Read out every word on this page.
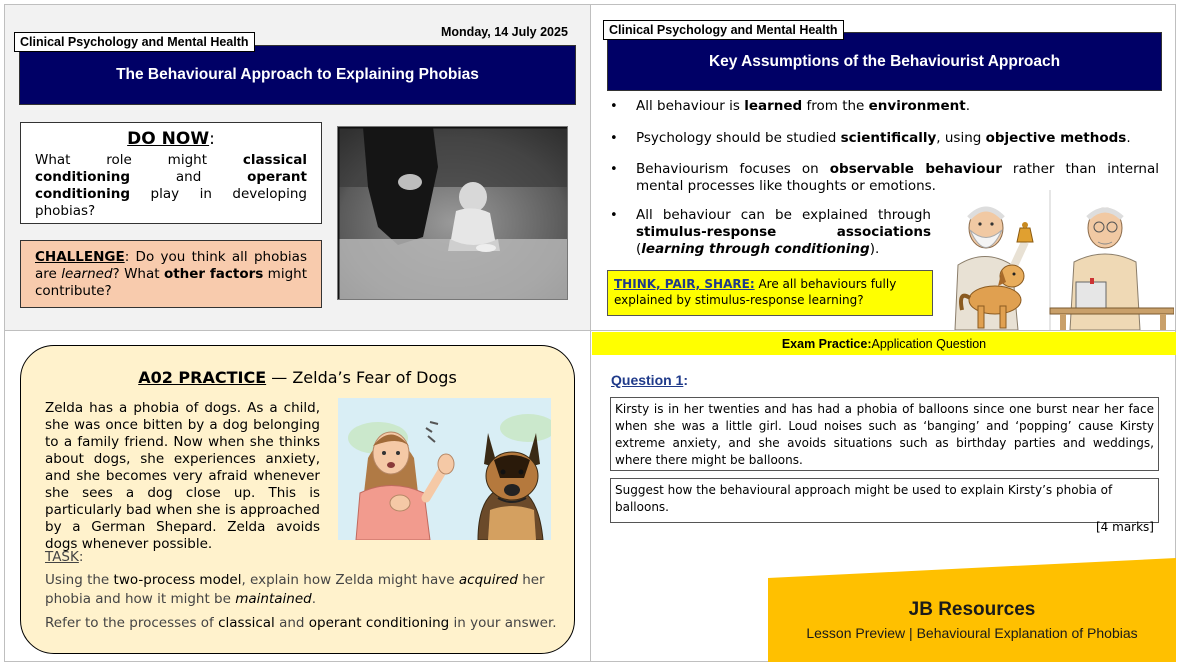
Monday, 14 July 2025
The Behavioural Approach to Explaining Phobias
Clinical Psychology and Mental Health
DO NOW:
What role might classical conditioning and operant conditioning play in developing phobias?
CHALLENGE: Do you think all phobias are learned? What other factors might contribute?
Key Assumptions of the Behaviourist Approach
Clinical Psychology and Mental Health
• All behaviour is learned from the environment.
• Psychology should be studied scientifically, using objective methods.
• Behaviourism focuses on observable behaviour rather than internal mental processes like thoughts or emotions.
• All behaviour can be explained through stimulus-response associations (learning through conditioning).
THINK, PAIR, SHARE: Are all behaviours fully explained by stimulus-response learning?
A02 PRACTICE — Zelda’s Fear of Dogs
Zelda has a phobia of dogs. As a child, she was once bitten by a dog belonging to a family friend. Now when she thinks about dogs, she experiences anxiety, and she becomes very afraid whenever she sees a dog close up. This is particularly bad when she is approached by a German Shepard. Zelda avoids dogs whenever possible.
TASK:
Using the two-process model, explain how Zelda might have acquired her phobia and how it might be maintained.
Refer to the processes of classical and operant conditioning in your answer.
Exam Practice: Application Question
Question 1:
Kirsty is in her twenties and has had a phobia of balloons since one burst near her face when she was a little girl. Loud noises such as ‘banging’ and ‘popping’ cause Kirsty extreme anxiety, and she avoids situations such as birthday parties and weddings, where there might be balloons.
Suggest how the behavioural approach might be used to explain Kirsty’s phobia of balloons.
[4 marks]
JB Resources
Lesson Preview | Behavioural Explanation of Phobias
